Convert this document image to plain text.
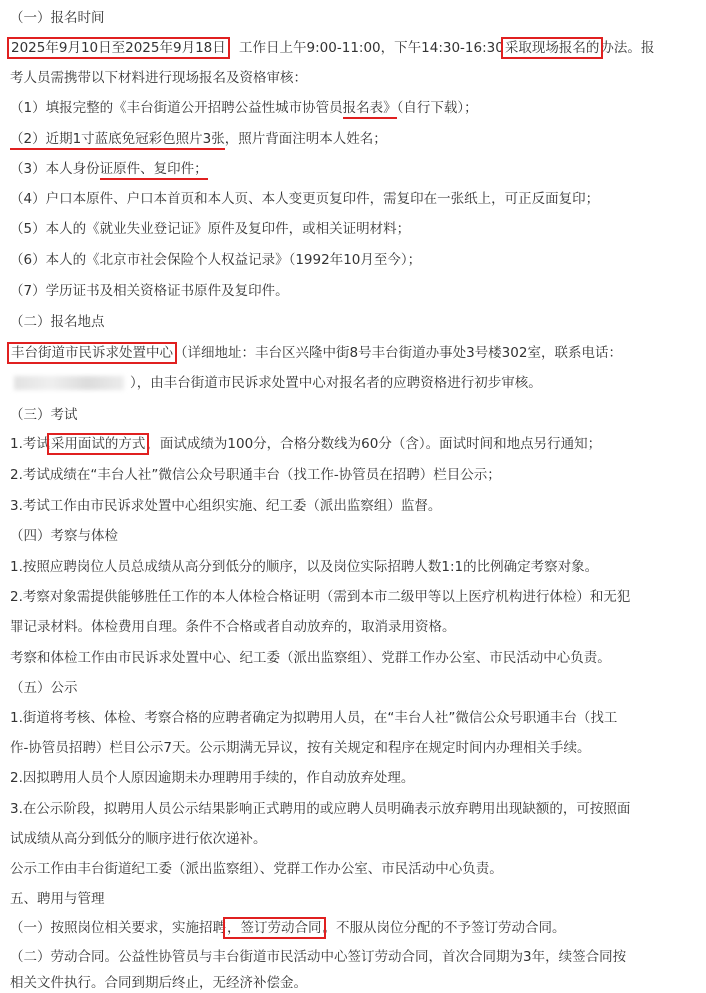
（一）报名时间
2025年9月10日至2025年9月18日 工作日上午9:00-11:00，下午14:30-16:30采取现场报名的办法。报
考人员需携带以下材料进行现场报名及资格审核：
（1）填报完整的《丰台街道公开招聘公益性城市协管员报名表》（自行下载）；
（2）近期1寸蓝底免冠彩色照片3张，照片背面注明本人姓名；
（3）本人身份证原件、复印件；
（4）户口本原件、户口本首页和本人页、本人变更页复印件，需复印在一张纸上，可正反面复印；
（5）本人的《就业失业登记证》原件及复印件，或相关证明材料；
（6）本人的《北京市社会保险个人权益记录》（1992年10月至今）；
（7）学历证书及相关资格证书原件及复印件。
（二）报名地点
丰台街道市民诉求处置中心（详细地址：丰台区兴隆中街8号丰台街道办事处3号楼302室，联系电话：
），由丰台街道市民诉求处置中心对报名者的应聘资格进行初步审核。
（三）考试
1.考试采用面试的方式，面试成绩为100分，合格分数线为60分（含）。面试时间和地点另行通知；
2.考试成绩在“丰台人社”微信公众号职通丰台（找工作-协管员在招聘）栏目公示；
3.考试工作由市民诉求处置中心组织实施、纪工委（派出监察组）监督。
（四）考察与体检
1.按照应聘岗位人员总成绩从高分到低分的顺序，以及岗位实际招聘人数1:1的比例确定考察对象。
2.考察对象需提供能够胜任工作的本人体检合格证明（需到本市二级甲等以上医疗机构进行体检）和无犯
罪记录材料。体检费用自理。条件不合格或者自动放弃的，取消录用资格。
考察和体检工作由市民诉求处置中心、纪工委（派出监察组）、党群工作办公室、市民活动中心负责。
（五）公示
1.街道将考核、体检、考察合格的应聘者确定为拟聘用人员，在“丰台人社”微信公众号职通丰台（找工
作-协管员招聘）栏目公示7天。公示期满无异议，按有关规定和程序在规定时间内办理相关手续。
2.因拟聘用人员个人原因逾期未办理聘用手续的，作自动放弃处理。
3.在公示阶段，拟聘用人员公示结果影响正式聘用的或应聘人员明确表示放弃聘用出现缺额的，可按照面
试成绩从高分到低分的顺序进行依次递补。
公示工作由丰台街道纪工委（派出监察组）、党群工作办公室、市民活动中心负责。
五、聘用与管理
（一）按照岗位相关要求，实施招聘，签订劳动合同。不服从岗位分配的不予签订劳动合同。
（二）劳动合同。公益性协管员与丰台街道市民活动中心签订劳动合同，首次合同期为3年，续签合同按
相关文件执行。合同到期后终止，无经济补偿金。
